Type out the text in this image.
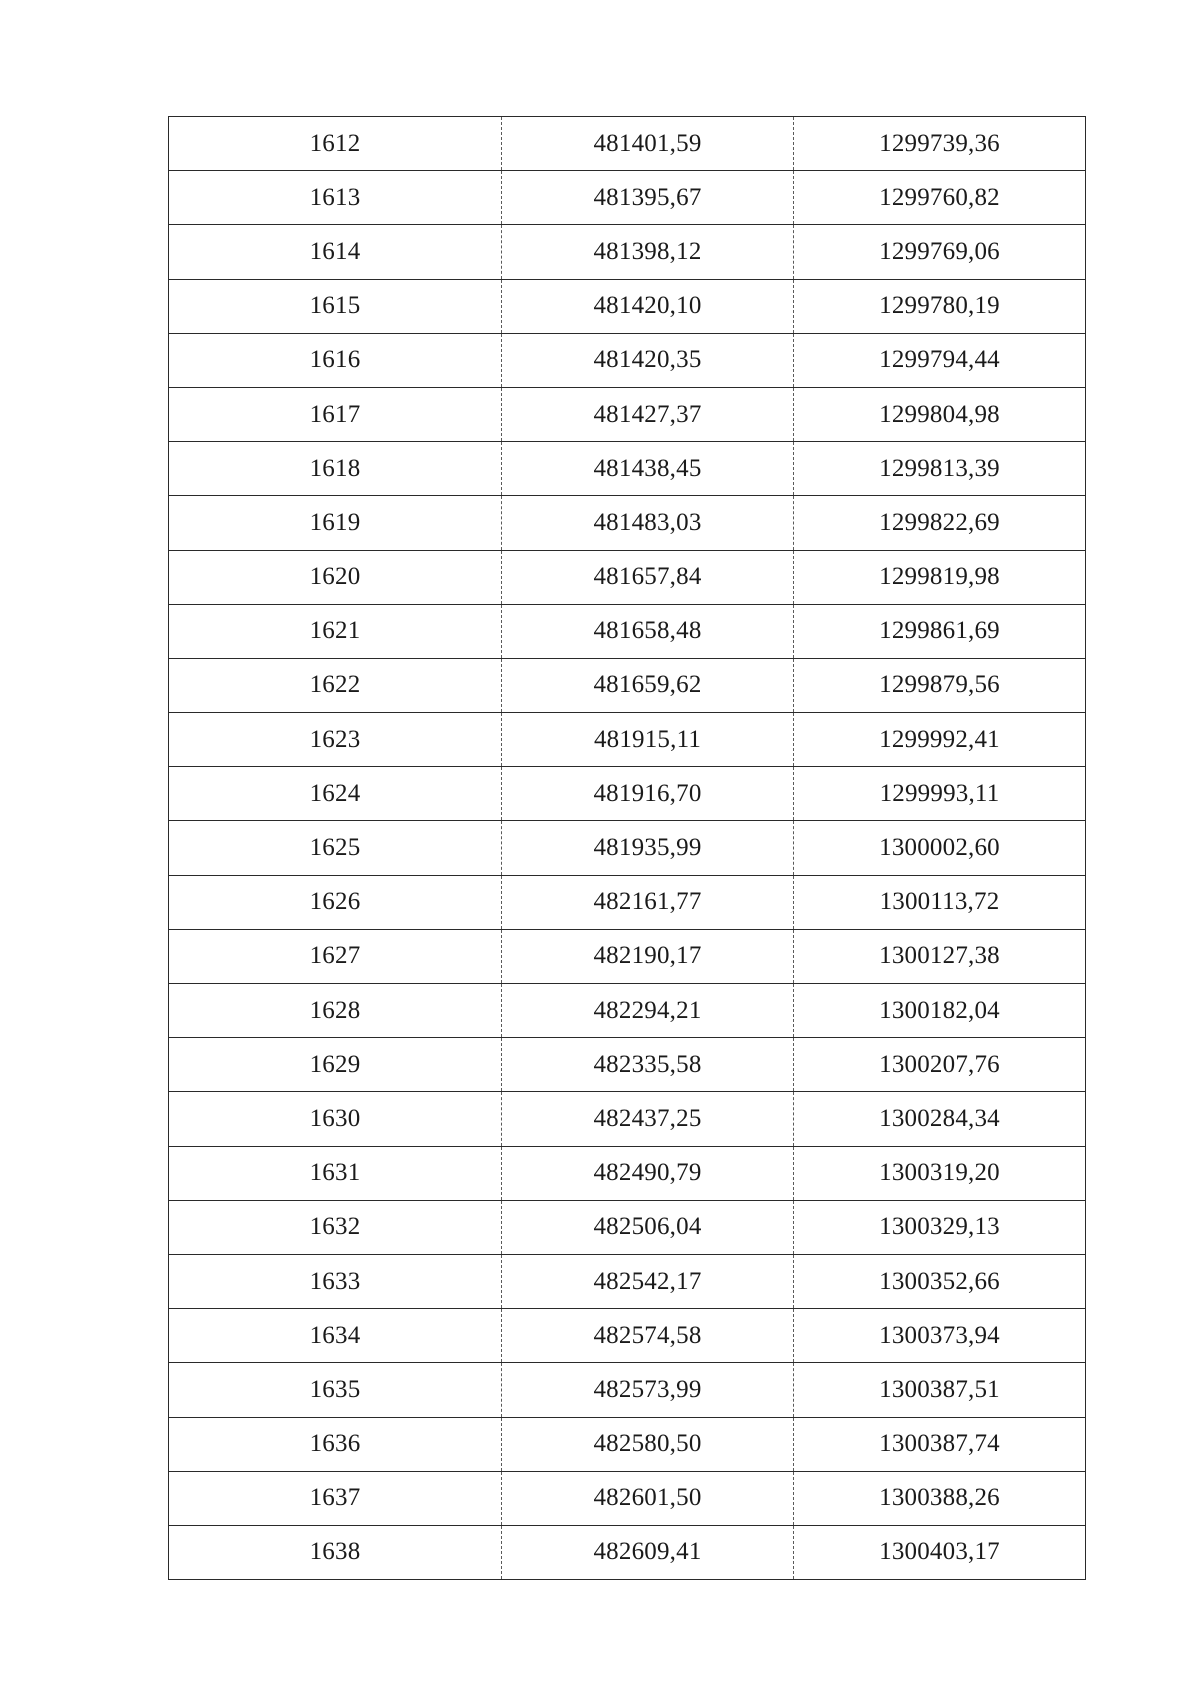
1612	481401,59	1299739,36
1613	481395,67	1299760,82
1614	481398,12	1299769,06
1615	481420,10	1299780,19
1616	481420,35	1299794,44
1617	481427,37	1299804,98
1618	481438,45	1299813,39
1619	481483,03	1299822,69
1620	481657,84	1299819,98
1621	481658,48	1299861,69
1622	481659,62	1299879,56
1623	481915,11	1299992,41
1624	481916,70	1299993,11
1625	481935,99	1300002,60
1626	482161,77	1300113,72
1627	482190,17	1300127,38
1628	482294,21	1300182,04
1629	482335,58	1300207,76
1630	482437,25	1300284,34
1631	482490,79	1300319,20
1632	482506,04	1300329,13
1633	482542,17	1300352,66
1634	482574,58	1300373,94
1635	482573,99	1300387,51
1636	482580,50	1300387,74
1637	482601,50	1300388,26
1638	482609,41	1300403,17
